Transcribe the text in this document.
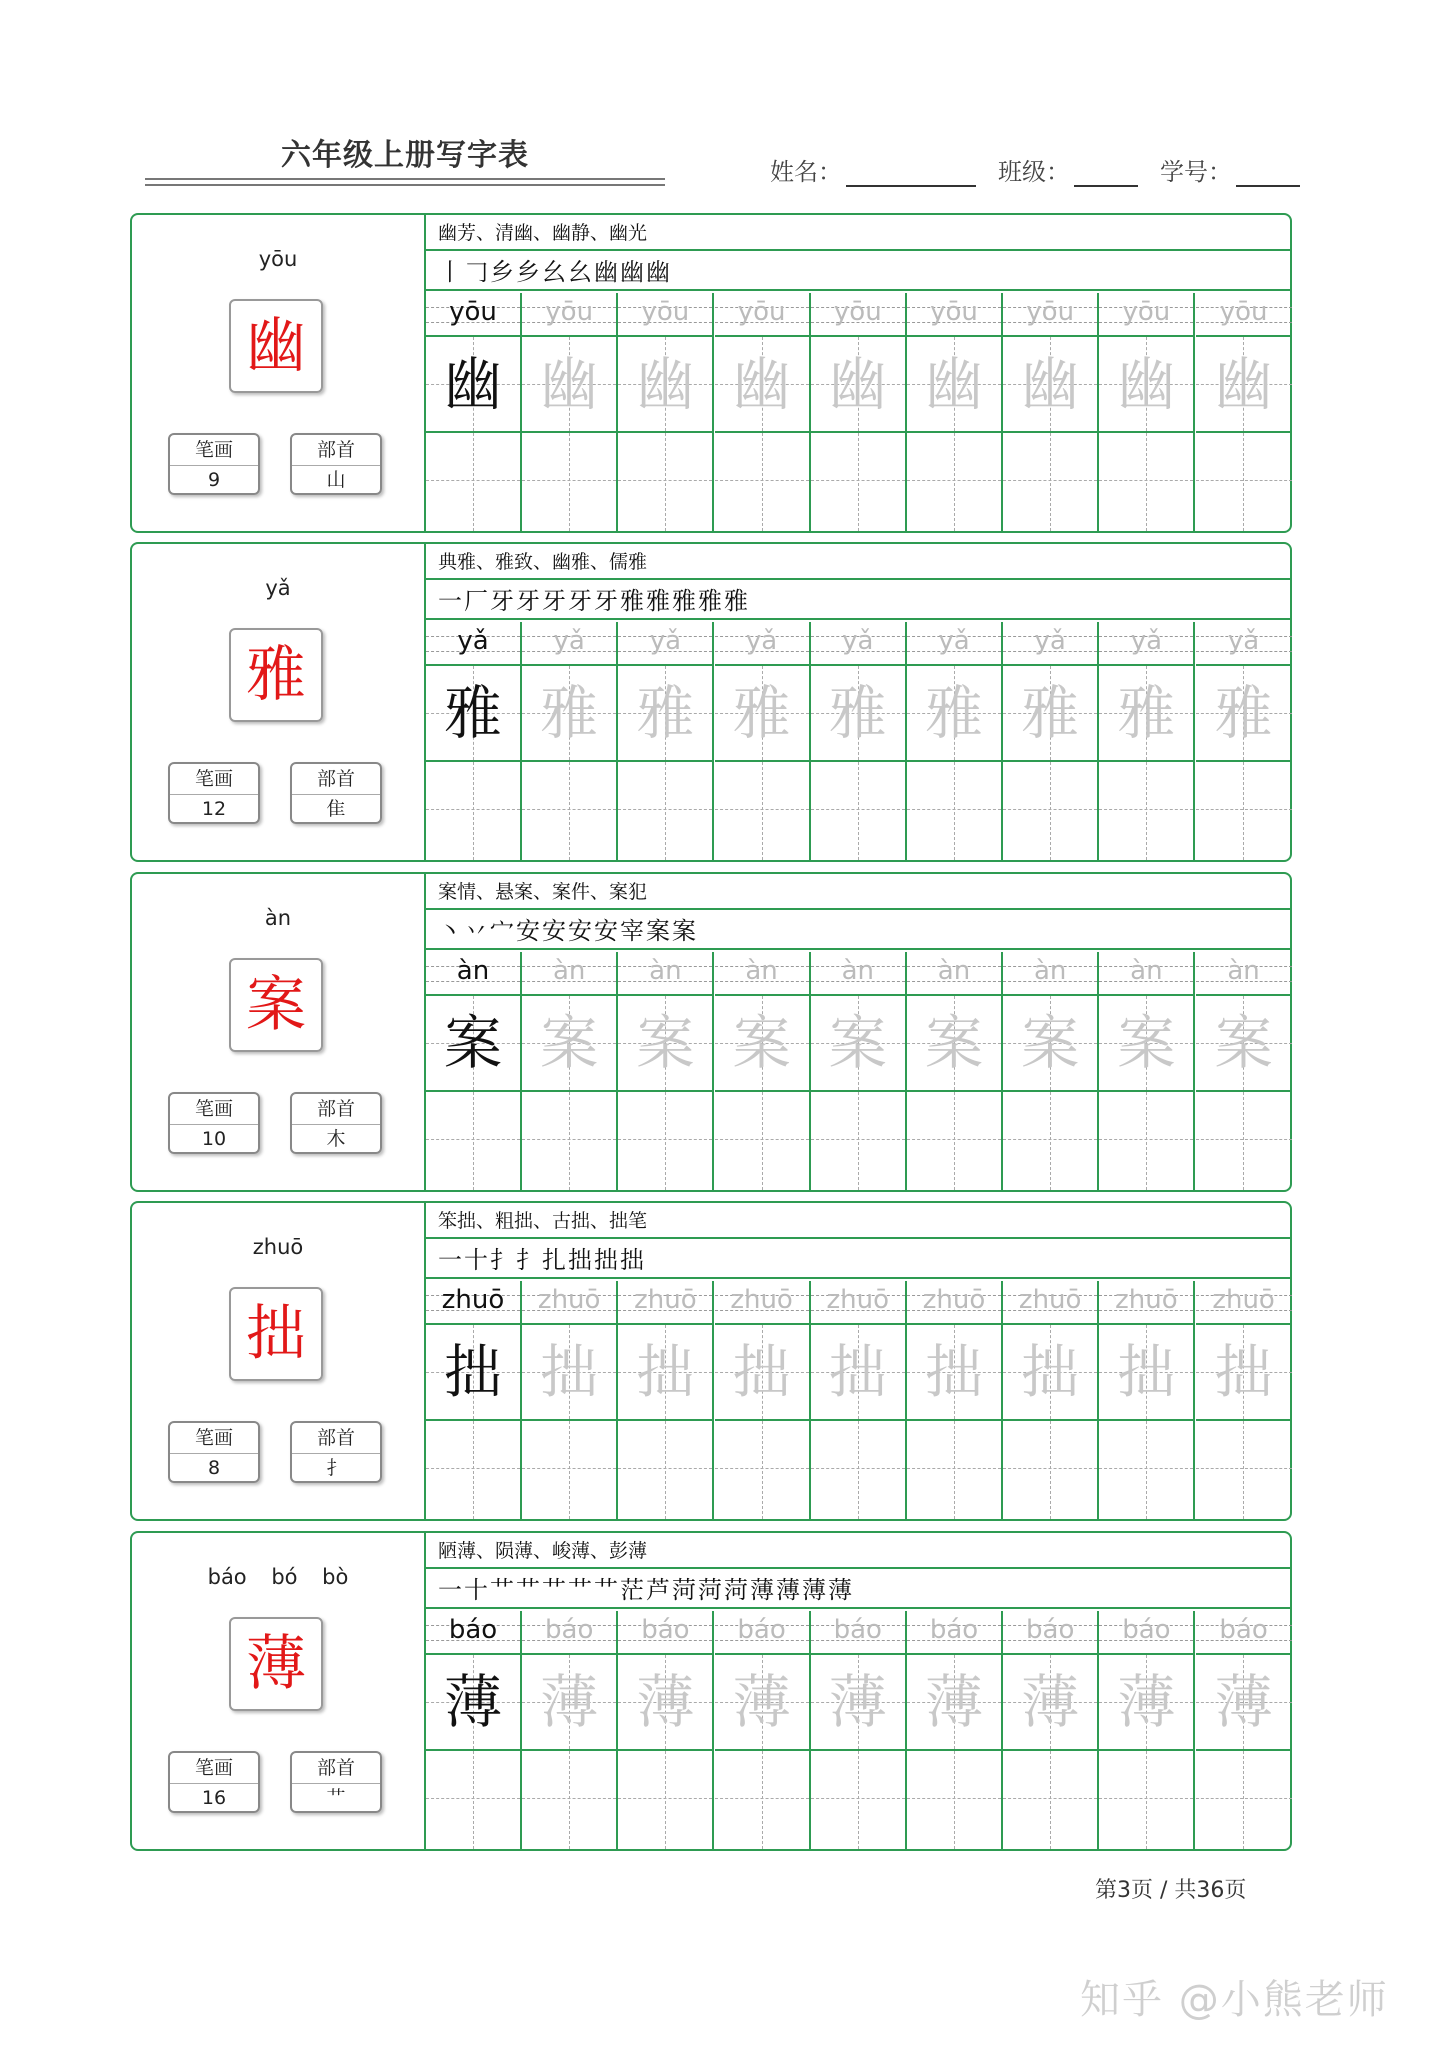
六年级上册写字表	姓名：	班级：	学号：
yōu
幽
笔画
9
部首
山
幽芳、清幽、幽静、幽光
丨𠃌乡乡幺幺幽幽幽
yōu
幽
yōu
幽
yōu
幽
yōu
幽
yōu
幽
yōu
幽
yōu
幽
yōu
幽
yōu
幽
yǎ
雅
笔画
12
部首
隹
典雅、雅致、幽雅、儒雅
一厂牙牙牙牙牙雅雅雅雅雅
yǎ
雅
yǎ
雅
yǎ
雅
yǎ
雅
yǎ
雅
yǎ
雅
yǎ
雅
yǎ
雅
yǎ
雅
àn
案
笔画
10
部首
木
案情、悬案、案件、案犯
丶丷宀安安安安宰案案
àn
案
àn
案
àn
案
àn
案
àn
案
àn
案
àn
案
àn
案
àn
案
zhuō
拙
笔画
8
部首
扌
笨拙、粗拙、古拙、拙笔
一十扌扌扎拙拙拙
zhuō
拙
zhuō
拙
zhuō
拙
zhuō
拙
zhuō
拙
zhuō
拙
zhuō
拙
zhuō
拙
zhuō
拙
báo bó bò
薄
笔画
16
部首
艹
陋薄、陨薄、峻薄、彭薄
一十艹艹艹艹艹茫芦菏菏菏薄薄薄薄
báo
薄
báo
薄
báo
薄
báo
薄
báo
薄
báo
薄
báo
薄
báo
薄
báo
薄
第3页 / 共36页
知乎 @小熊老师
